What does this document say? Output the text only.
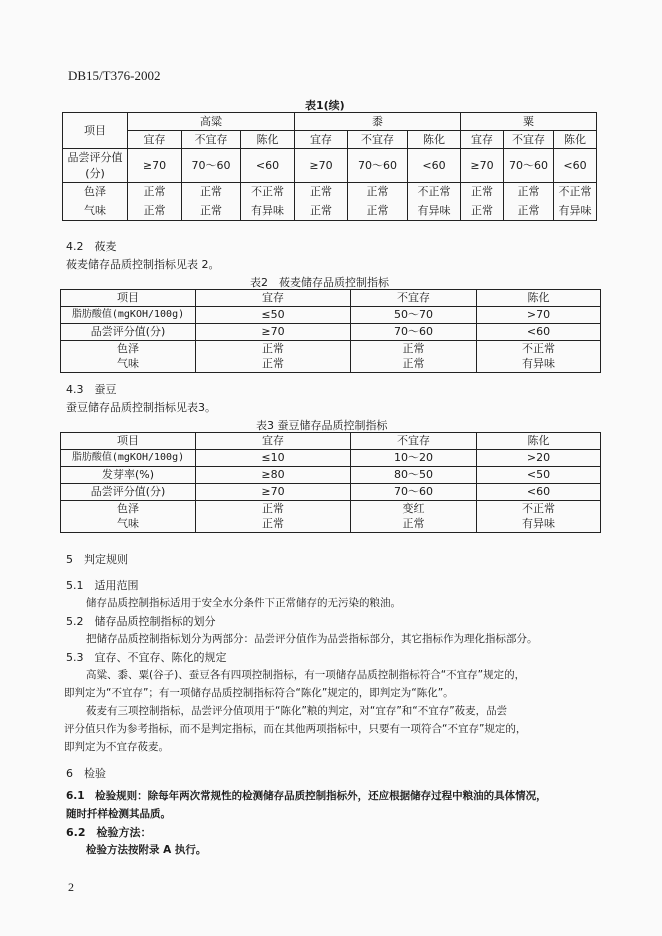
DB15/T376-2002
表1(续)
项目	高粱			黍			粟		
	宜存	不宜存	陈化	宜存	不宜存	陈化	宜存	不宜存	陈化
品尝评分值(分)	≥70	70～60	<60	≥70	70～60	<60	≥70	70～60	<60
色泽	正常	正常	不正常	正常	正常	不正常	正常	正常	不正常
气味	正常	正常	有异味	正常	正常	有异味	正常	正常	有异味
4.2　莜麦
莜麦储存品质控制指标见表 2。
表2　莜麦储存品质控制指标
项目	宜存	不宜存	陈化
脂肪酸值(mgKOH/100g)	≤50	50～70	>70
品尝评分值(分)	≥70	70～60	<60
色泽	正常	正常	不正常
气味	正常	正常	有异味
4.3　蚕豆
蚕豆储存品质控制指标见表3。
表3 蚕豆储存品质控制指标
项目	宜存	不宜存	陈化
脂肪酸值(mgKOH/100g)	≤10	10～20	>20
发芽率(%)	≥80	80～50	<50
品尝评分值(分)	≥70	70～60	<60
色泽	正常	变红	不正常
气味	正常	正常	有异味
5　判定规则
5.1　适用范围
储存品质控制指标适用于安全水分条件下正常储存的无污染的粮油。
5.2　储存品质控制指标的划分
把储存品质控制指标划分为两部分：品尝评分值作为品尝指标部分，其它指标作为理化指标部分。
5.3　宜存、不宜存、陈化的规定
高粱、黍、粟(谷子)、蚕豆各有四项控制指标，有一项储存品质控制指标符合“不宜存”规定的，
即判定为“不宜存”；有一项储存品质控制指标符合“陈化”规定的，即判定为“陈化”。
莜麦有三项控制指标，品尝评分值项用于“陈化”粮的判定，对“宜存”和“不宜存”莜麦，品尝
评分值只作为参考指标，而不是判定指标，而在其他两项指标中，只要有一项符合“不宜存”规定的，
即判定为不宜存莜麦。
6　检验
6.1　检验规则：除每年两次常规性的检测储存品质控制指标外，还应根据储存过程中粮油的具体情况，
随时扦样检测其品质。
6.2　检验方法：
检验方法按附录 A 执行。
2
